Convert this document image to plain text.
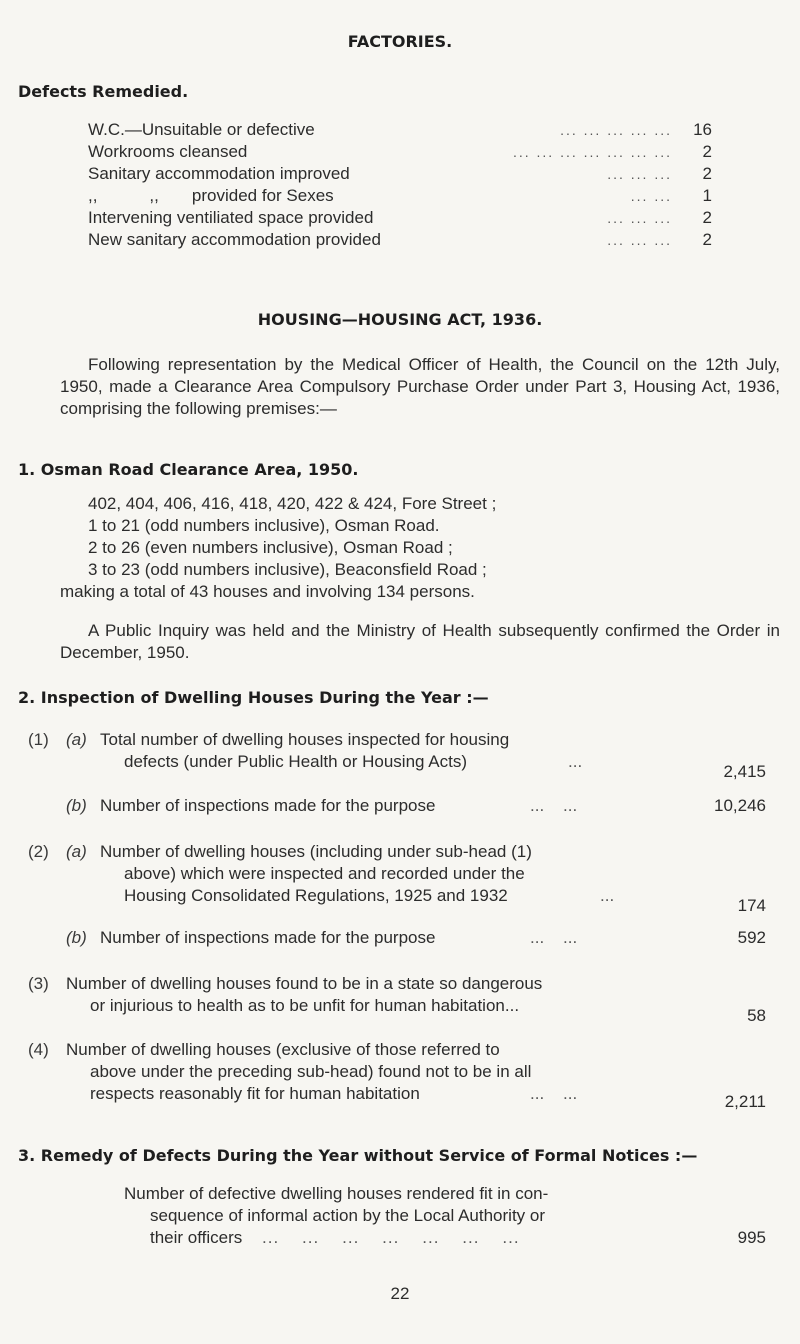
FACTORIES.
Defects Remedied.
W.C.—Unsuitable or defective	... ... ... ... ...	16
Workrooms cleansed	... ... ... ... ... ... ...	2
Sanitary accommodation improved	... ... ...	2
,,           ,,       provided for Sexes	... ...	1
Intervening ventiliated space provided	... ... ...	2
New sanitary accommodation provided	... ... ...	2
HOUSING—HOUSING ACT, 1936.
Following representation by the Medical Officer of Health, the Council on the 12th July, 1950, made a Clearance Area Compulsory Purchase Order under Part 3, Housing Act, 1936, comprising the following premises:—
1. Osman Road Clearance Area, 1950.
402, 404, 406, 416, 418, 420, 422 & 424, Fore Street ;
1 to 21 (odd numbers inclusive), Osman Road.
2 to 26 (even numbers inclusive), Osman Road ;
3 to 23 (odd numbers inclusive), Beaconsfield Road ;
making a total of 43 houses and involving 134 persons.
A Public Inquiry was held and the Ministry of Health subsequently confirmed the Order in December, 1950.
2. Inspection of Dwelling Houses During the Year :—
(1) (a) Total number of dwelling houses inspected for housing
defects (under Public Health or Housing Acts)	...
2,415
(b) Number of inspections made for the purpose	...    ...	10,246
(2) (a) Number of dwelling houses (including under sub-head (1)
above) which were inspected and recorded under the
Housing Consolidated Regulations, 1925 and 1932	...
174
(b) Number of inspections made for the purpose	...    ...	592
(3) Number of dwelling houses found to be in a state so dangerous
or injurious to health as to be unfit for human habitation...
58
(4) Number of dwelling houses (exclusive of those referred to
above under the preceding sub-head) found not to be in all
respects reasonably fit for human habitation	...    ...	2,211
3. Remedy of Defects During the Year without Service of Formal Notices :—
Number of defective dwelling houses rendered fit in con-
sequence of informal action by the Local Authority or
their officers ...    ...    ...    ...    ...    ...    ...	995
22
